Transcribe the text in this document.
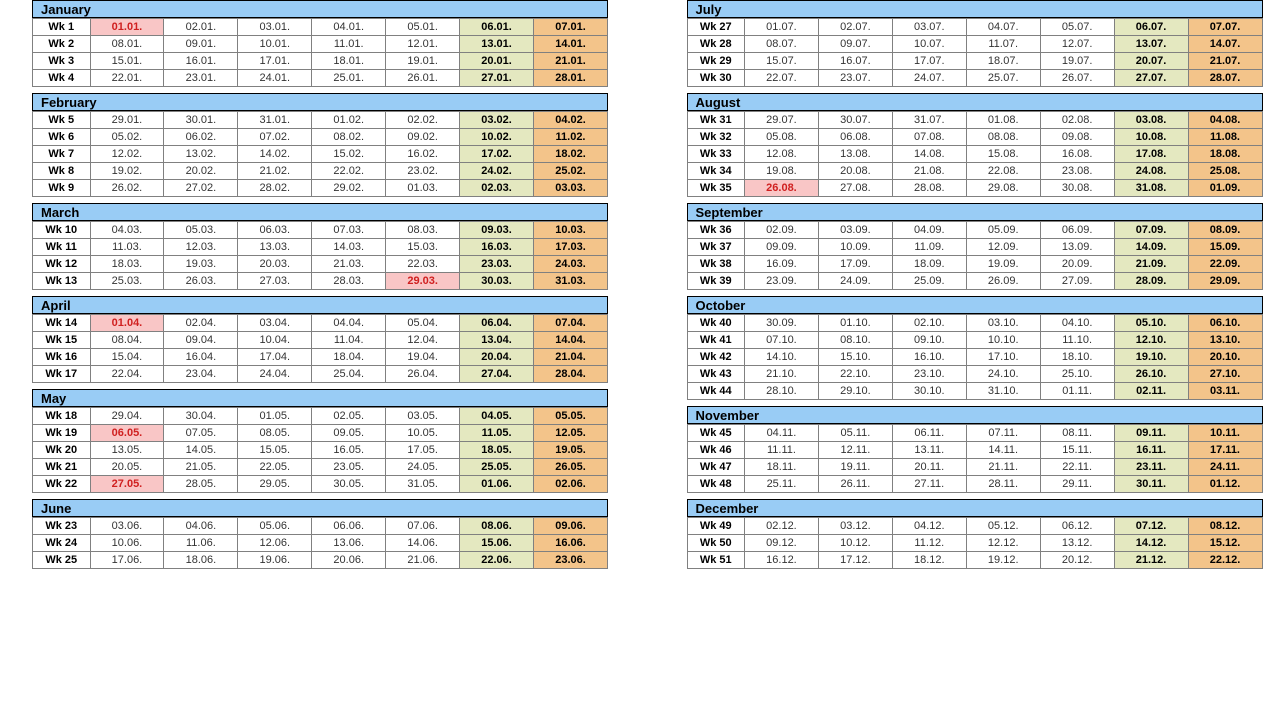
January
Wk 1	01.01.	02.01.	03.01.	04.01.	05.01.	06.01.	07.01.
Wk 2	08.01.	09.01.	10.01.	11.01.	12.01.	13.01.	14.01.
Wk 3	15.01.	16.01.	17.01.	18.01.	19.01.	20.01.	21.01.
Wk 4	22.01.	23.01.	24.01.	25.01.	26.01.	27.01.	28.01.
February
Wk 5	29.01.	30.01.	31.01.	01.02.	02.02.	03.02.	04.02.
Wk 6	05.02.	06.02.	07.02.	08.02.	09.02.	10.02.	11.02.
Wk 7	12.02.	13.02.	14.02.	15.02.	16.02.	17.02.	18.02.
Wk 8	19.02.	20.02.	21.02.	22.02.	23.02.	24.02.	25.02.
Wk 9	26.02.	27.02.	28.02.	29.02.	01.03.	02.03.	03.03.
March
Wk 10	04.03.	05.03.	06.03.	07.03.	08.03.	09.03.	10.03.
Wk 11	11.03.	12.03.	13.03.	14.03.	15.03.	16.03.	17.03.
Wk 12	18.03.	19.03.	20.03.	21.03.	22.03.	23.03.	24.03.
Wk 13	25.03.	26.03.	27.03.	28.03.	29.03.	30.03.	31.03.
April
Wk 14	01.04.	02.04.	03.04.	04.04.	05.04.	06.04.	07.04.
Wk 15	08.04.	09.04.	10.04.	11.04.	12.04.	13.04.	14.04.
Wk 16	15.04.	16.04.	17.04.	18.04.	19.04.	20.04.	21.04.
Wk 17	22.04.	23.04.	24.04.	25.04.	26.04.	27.04.	28.04.
May
Wk 18	29.04.	30.04.	01.05.	02.05.	03.05.	04.05.	05.05.
Wk 19	06.05.	07.05.	08.05.	09.05.	10.05.	11.05.	12.05.
Wk 20	13.05.	14.05.	15.05.	16.05.	17.05.	18.05.	19.05.
Wk 21	20.05.	21.05.	22.05.	23.05.	24.05.	25.05.	26.05.
Wk 22	27.05.	28.05.	29.05.	30.05.	31.05.	01.06.	02.06.
June
Wk 23	03.06.	04.06.	05.06.	06.06.	07.06.	08.06.	09.06.
Wk 24	10.06.	11.06.	12.06.	13.06.	14.06.	15.06.	16.06.
Wk 25	17.06.	18.06.	19.06.	20.06.	21.06.	22.06.	23.06.
July
Wk 27	01.07.	02.07.	03.07.	04.07.	05.07.	06.07.	07.07.
Wk 28	08.07.	09.07.	10.07.	11.07.	12.07.	13.07.	14.07.
Wk 29	15.07.	16.07.	17.07.	18.07.	19.07.	20.07.	21.07.
Wk 30	22.07.	23.07.	24.07.	25.07.	26.07.	27.07.	28.07.
August
Wk 31	29.07.	30.07.	31.07.	01.08.	02.08.	03.08.	04.08.
Wk 32	05.08.	06.08.	07.08.	08.08.	09.08.	10.08.	11.08.
Wk 33	12.08.	13.08.	14.08.	15.08.	16.08.	17.08.	18.08.
Wk 34	19.08.	20.08.	21.08.	22.08.	23.08.	24.08.	25.08.
Wk 35	26.08.	27.08.	28.08.	29.08.	30.08.	31.08.	01.09.
September
Wk 36	02.09.	03.09.	04.09.	05.09.	06.09.	07.09.	08.09.
Wk 37	09.09.	10.09.	11.09.	12.09.	13.09.	14.09.	15.09.
Wk 38	16.09.	17.09.	18.09.	19.09.	20.09.	21.09.	22.09.
Wk 39	23.09.	24.09.	25.09.	26.09.	27.09.	28.09.	29.09.
October
Wk 40	30.09.	01.10.	02.10.	03.10.	04.10.	05.10.	06.10.
Wk 41	07.10.	08.10.	09.10.	10.10.	11.10.	12.10.	13.10.
Wk 42	14.10.	15.10.	16.10.	17.10.	18.10.	19.10.	20.10.
Wk 43	21.10.	22.10.	23.10.	24.10.	25.10.	26.10.	27.10.
Wk 44	28.10.	29.10.	30.10.	31.10.	01.11.	02.11.	03.11.
November
Wk 45	04.11.	05.11.	06.11.	07.11.	08.11.	09.11.	10.11.
Wk 46	11.11.	12.11.	13.11.	14.11.	15.11.	16.11.	17.11.
Wk 47	18.11.	19.11.	20.11.	21.11.	22.11.	23.11.	24.11.
Wk 48	25.11.	26.11.	27.11.	28.11.	29.11.	30.11.	01.12.
December
Wk 49	02.12.	03.12.	04.12.	05.12.	06.12.	07.12.	08.12.
Wk 50	09.12.	10.12.	11.12.	12.12.	13.12.	14.12.	15.12.
Wk 51	16.12.	17.12.	18.12.	19.12.	20.12.	21.12.	22.12.
